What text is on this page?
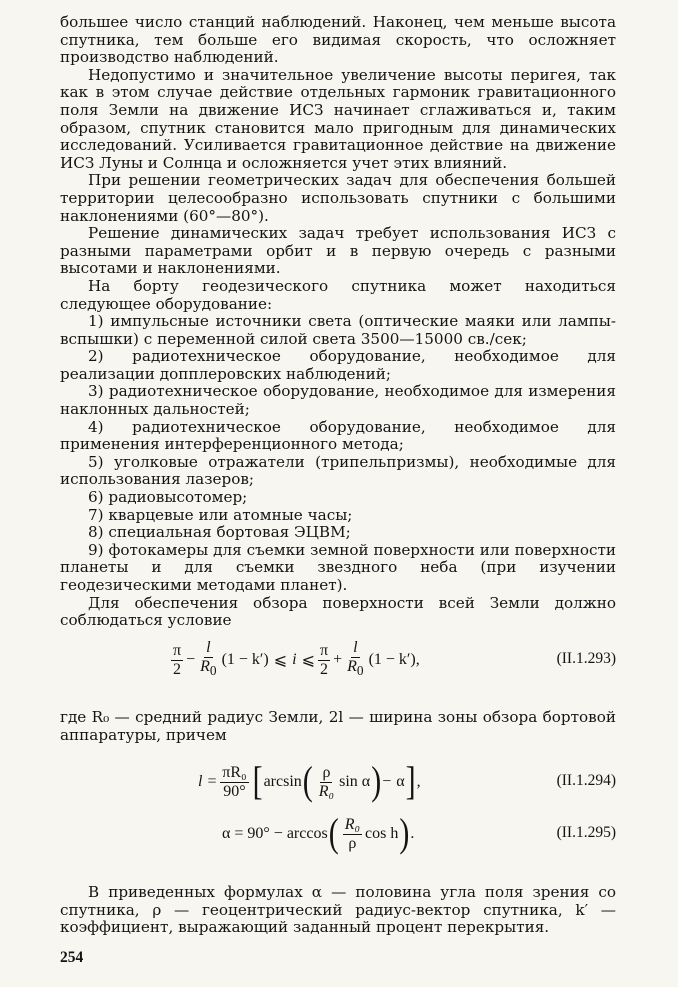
большее число станций наблюдений. Наконец, чем меньше высота спутника, тем больше его видимая скорость, что осложняет производство наблюдений.

Недопустимо и значительное увеличение высоты перигея, так как в этом случае действие отдельных гармоник гравитационного поля Земли на движение ИСЗ начинает сглаживаться и, таким образом, спутник становится мало пригодным для динамических исследований. Усиливается гравитационное действие на движение ИСЗ Луны и Солнца и осложняется учет этих влияний.

При решении геометрических задач для обеспечения большей территории целесообразно использовать спутники с большими наклонениями (60°—80°).

Решение динамических задач требует использования ИСЗ с разными параметрами орбит и в первую очередь с разными высотами и наклонениями.

На борту геодезического спутника может находиться следующее оборудование:

1) импульсные источники света (оптические маяки или лампы-вспышки) с переменной силой света 3500—15000 св./сек;

2) радиотехническое оборудование, необходимое для реализации допплеровских наблюдений;

3) радиотехническое оборудование, необходимое для измерения наклонных дальностей;

4) радиотехническое оборудование, необходимое для применения интерференционного метода;

5) уголковые отражатели (трипельпризмы), необходимые для использования лазеров;

6) радиовысотомер;

7) кварцевые или атомные часы;

8) специальная бортовая ЭЦВМ;

9) фотокамеры для съемки земной поверхности или поверхности планеты и для съемки звездного неба (при изучении геодезическими методами планет).

Для обеспечения обзора поверхности всей Земли должно соблюдаться условие

$\frac{\pi}{2} - \frac{l}{R_0} (1 - k')$ ⩽ i ⩽ $\frac{\pi}{2} + \frac{l}{R_0} (1 - k')$ ,	(II.1.293)

где R₀ — средний радиус Земли, 2l — ширина зоны обзора бортовой аппаратуры, причем

$l = \frac{\text{πR₀}}{90^\circ}$ [ arcsin ( $\frac{\rho}{\text{R₀}}$ sin α ) − α ] ,	(II.1.294)
α = 90° − arccos ( $\frac{\text{R₀}}{\rho}$ cos h ) .	(II.1.295)

В приведенных формулах α — половина угла поля зрения со спутника, ρ — геоцентрический радиус-вектор спутника, k′ — коэффициент, выражающий заданный процент перекрытия.

254
